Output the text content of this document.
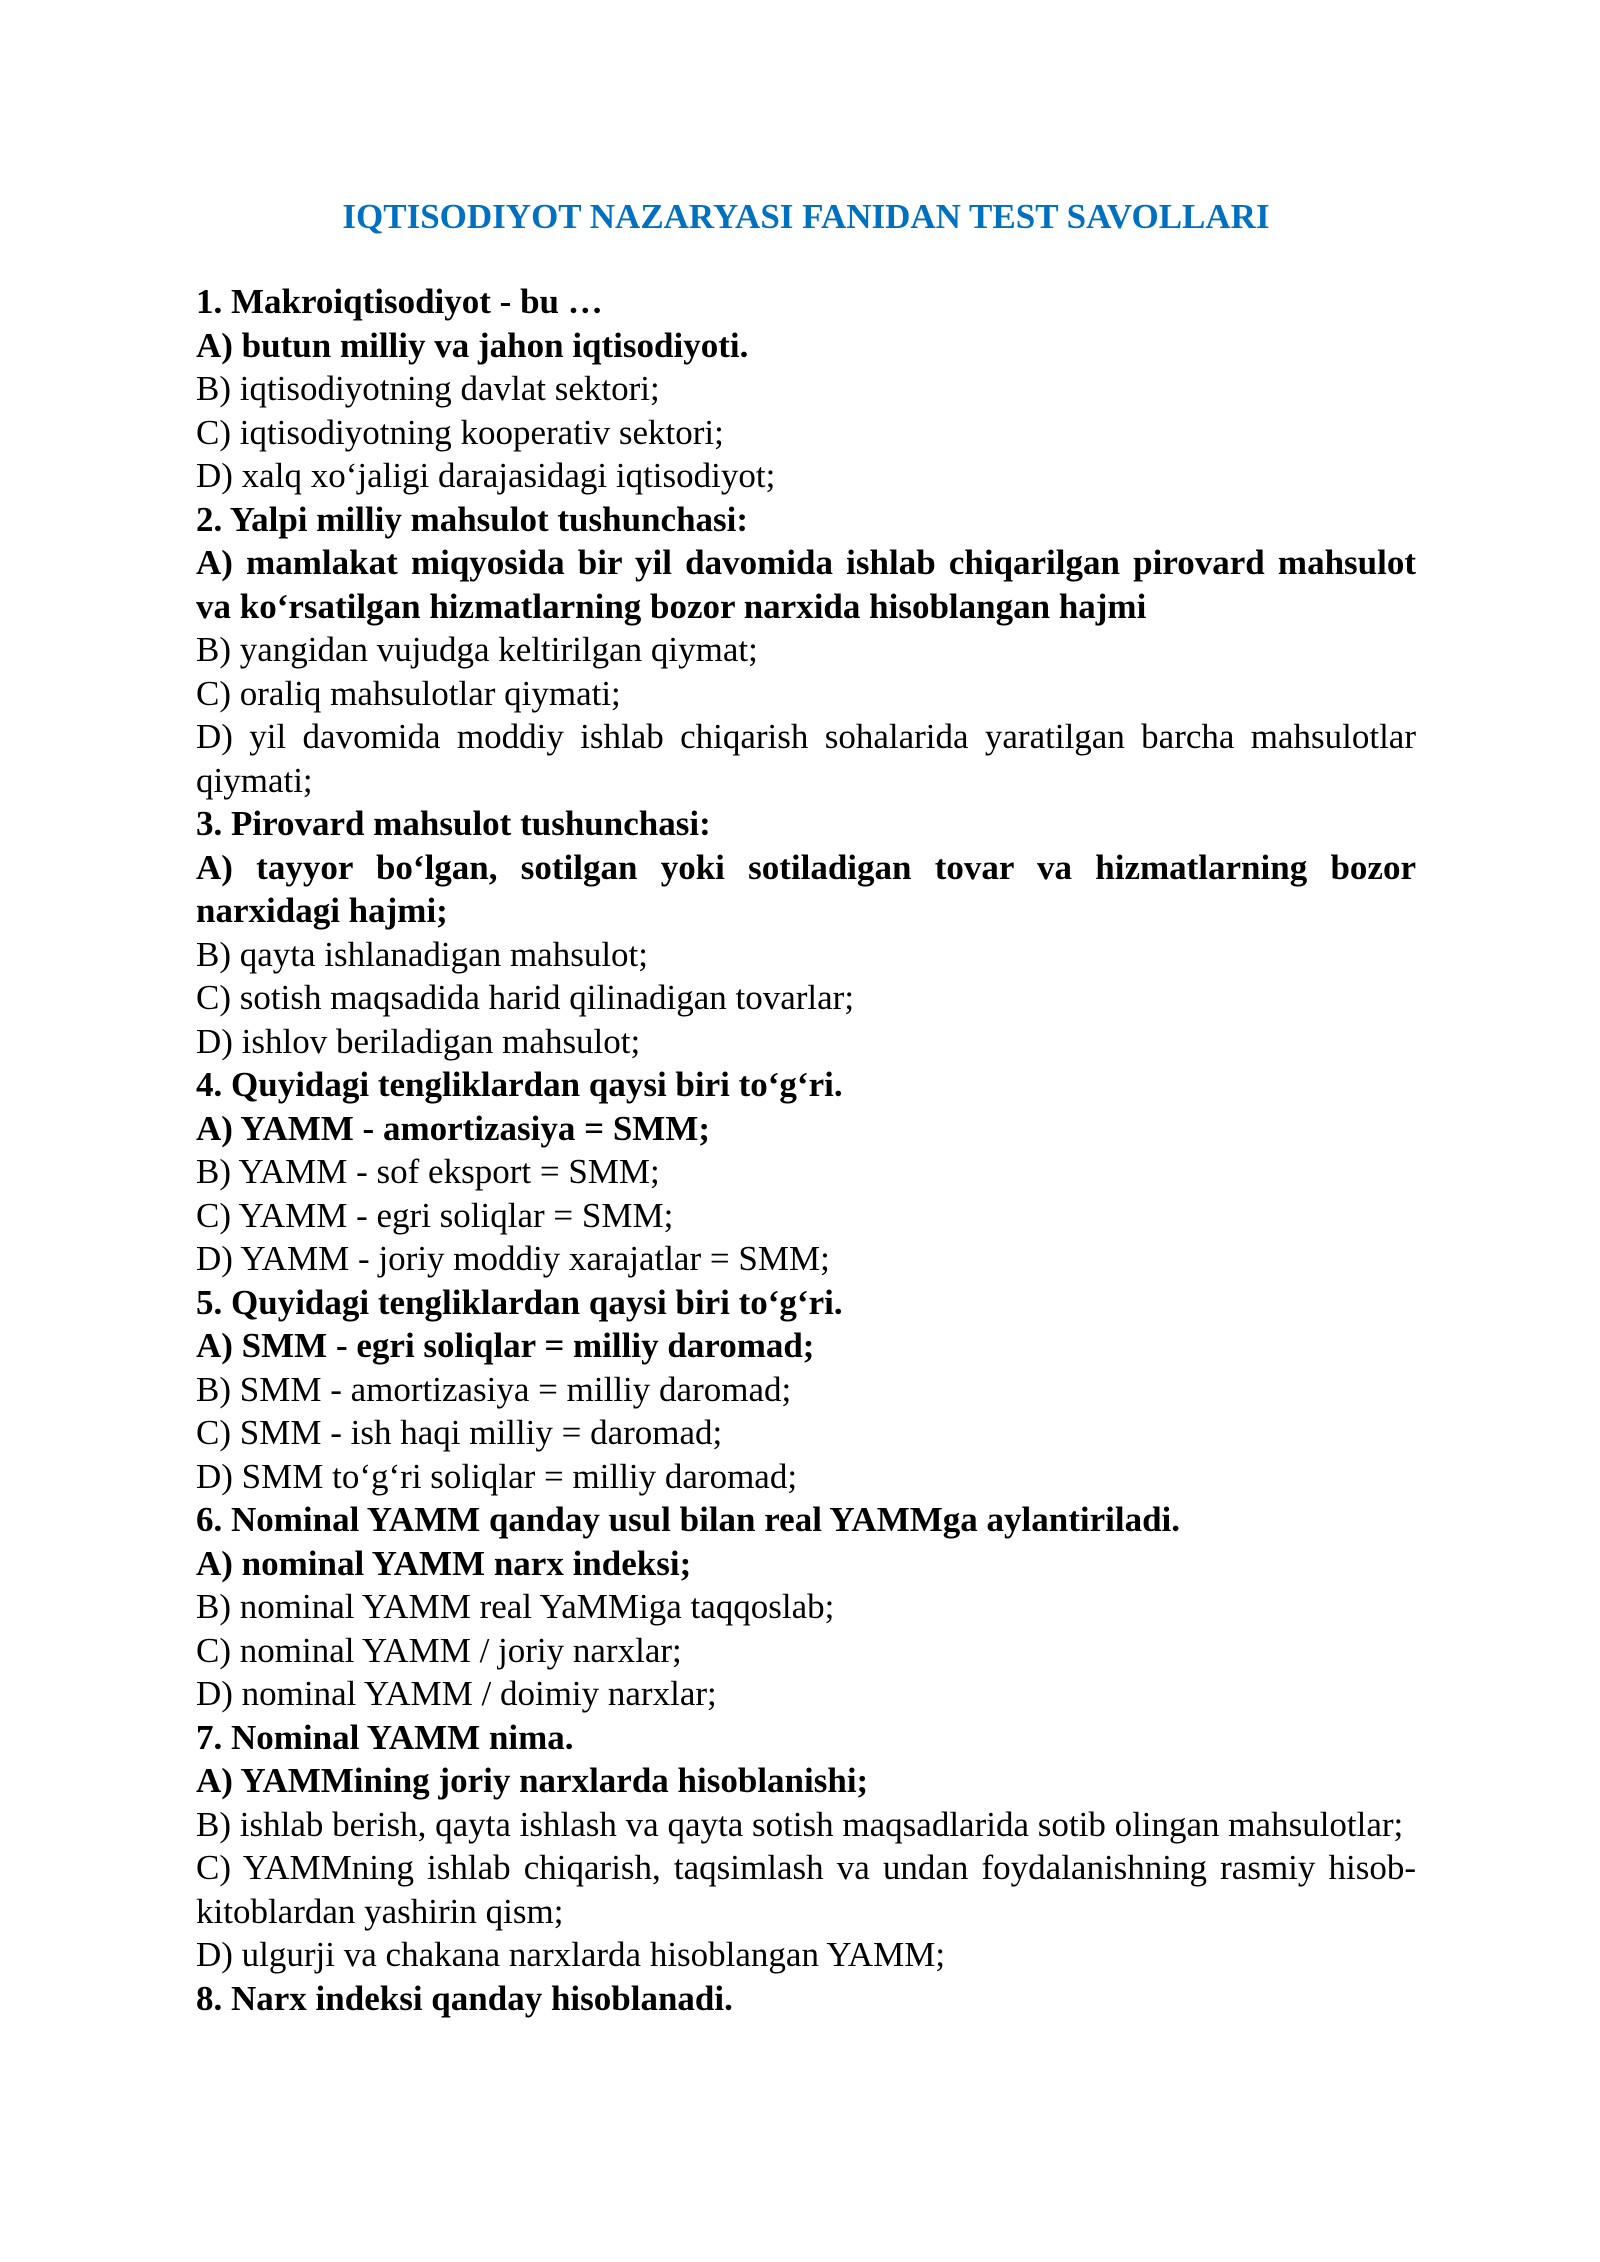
IQTISODIYOT NAZARYASI FANIDAN TEST SAVOLLARI

1. Makroiqtisodiyot - bu …

A) butun milliy va jahon iqtisodiyoti.

B) iqtisodiyotning davlat sektori;

C) iqtisodiyotning kooperativ sektori;

D) xalq xo‘jaligi darajasidagi iqtisodiyot;

2. Yalpi milliy mahsulot tushunchasi:

A) mamlakat miqyosida bir yil davomida ishlab chiqarilgan pirovard mahsulot va ko‘rsatilgan hizmatlarning bozor narxida hisoblangan hajmi

B) yangidan vujudga keltirilgan qiymat;

C) oraliq mahsulotlar qiymati;

D) yil davomida moddiy ishlab chiqarish sohalarida yaratilgan barcha mahsulotlar qiymati;

3. Pirovard mahsulot tushunchasi:

A) tayyor bo‘lgan, sotilgan yoki sotiladigan tovar va hizmatlarning bozor narxidagi hajmi;

B) qayta ishlanadigan mahsulot;

C) sotish maqsadida harid qilinadigan tovarlar;

D) ishlov beriladigan mahsulot;

4. Quyidagi tengliklardan qaysi biri to‘g‘ri.

A) YAMM - amortizasiya = SMM;

B) YAMM - sof eksport = SMM;

C) YAMM - egri soliqlar = SMM;

D) YAMM - joriy moddiy xarajatlar = SMM;

5. Quyidagi tengliklardan qaysi biri to‘g‘ri.

A) SMM - egri soliqlar = milliy daromad;

B) SMM - amortizasiya = milliy daromad;

C) SMM - ish haqi milliy = daromad;

D) SMM to‘g‘ri soliqlar = milliy daromad;

6. Nominal YAMM qanday usul bilan real YAMMga aylantiriladi.

A) nominal YAMM narx indeksi;

B) nominal YAMM real YaMMiga taqqoslab;

C) nominal YAMM / joriy narxlar;

D) nominal YAMM / doimiy narxlar;

7. Nominal YAMM nima.

A) YAMMining joriy narxlarda hisoblanishi;

B) ishlab berish, qayta ishlash va qayta sotish maqsadlarida sotib olingan mahsulotlar;

C) YAMMning ishlab chiqarish, taqsimlash va undan foydalanishning rasmiy hisob-kitoblardan yashirin qism;

D) ulgurji va chakana narxlarda hisoblangan YAMM;

8. Narx indeksi qanday hisoblanadi.
